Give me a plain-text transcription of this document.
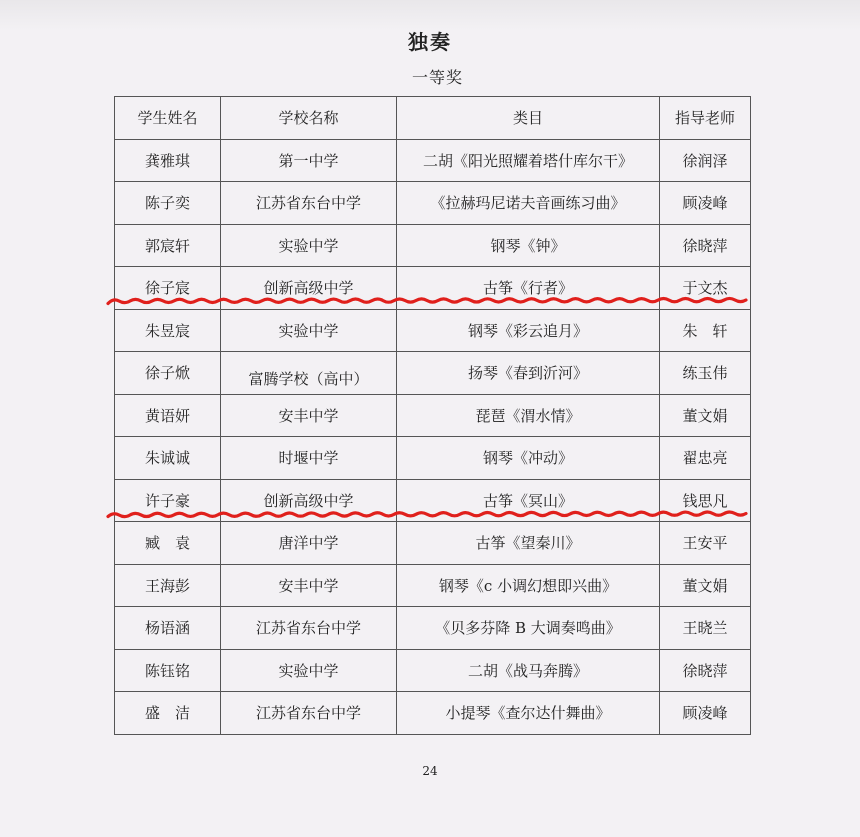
独奏
一等奖
学生姓名	学校名称	类目	指导老师
龚雅琪	第一中学	二胡《阳光照耀着塔什库尔干》	徐润泽
陈子奕	江苏省东台中学	《拉赫玛尼诺夫音画练习曲》	顾凌峰
郭宸轩	实验中学	钢琴《钟》	徐晓萍
徐子宸	创新高级中学	古筝《行者》	于文杰
朱昱宸	实验中学	钢琴《彩云追月》	朱　轩
徐子焮	富腾学校（高中）	扬琴《春到沂河》	练玉伟
黄语妍	安丰中学	琵琶《渭水情》	董文娟
朱诚诚	时堰中学	钢琴《冲动》	翟忠亮
许子豪	创新高级中学	古筝《冥山》	钱思凡
臧　袁	唐洋中学	古筝《望秦川》	王安平
王海彭	安丰中学	钢琴《c 小调幻想即兴曲》	董文娟
杨语涵	江苏省东台中学	《贝多芬降 B 大调奏鸣曲》	王晓兰
陈钰铭	实验中学	二胡《战马奔腾》	徐晓萍
盛　洁	江苏省东台中学	小提琴《查尔达什舞曲》	顾凌峰
24
